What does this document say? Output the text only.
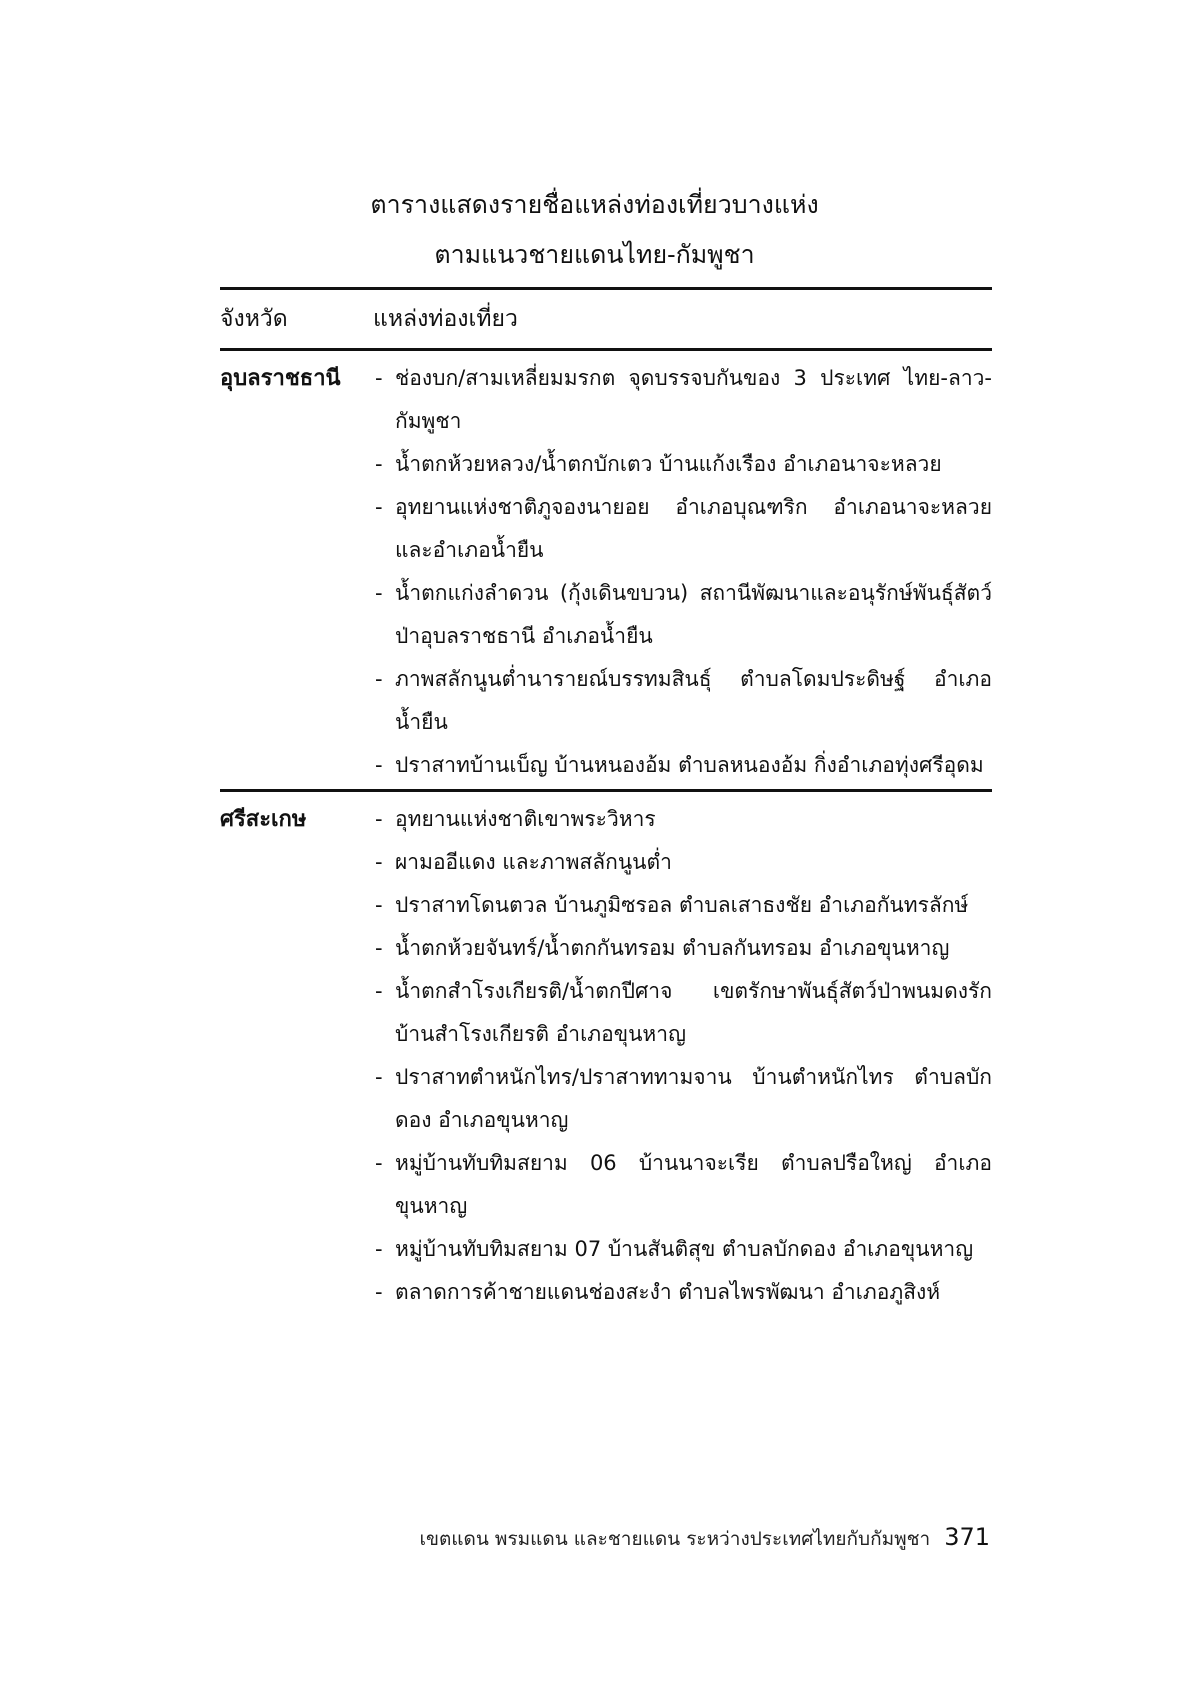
ตารางแสดงรายชื่อแหล่งท่องเที่ยวบางแห่ง
ตามแนวชายแดนไทย-กัมพูชา
จังหวัด	แหล่งท่องเที่ยว
อุบลราชธานี	- ช่องบก/สามเหลี่ยมมรกต จุดบรรจบกันของ 3 ประเทศ ไทย-ลาว-กัมพูชา
- น้ำตกห้วยหลวง/น้ำตกบักเตว บ้านแก้งเรือง อำเภอนาจะหลวย
- อุทยานแห่งชาติภูจองนายอย อำเภอบุณฑริก อำเภอนาจะหลวย และอำเภอน้ำยืน
- น้ำตกแก่งลำดวน (กุ้งเดินขบวน) สถานีพัฒนาและอนุรักษ์พันธุ์สัตว์ป่าอุบลราชธานี อำเภอน้ำยืน
- ภาพสลักนูนต่ำนารายณ์บรรทมสินธุ์ ตำบลโดมประดิษฐ์ อำเภอน้ำยืน
- ปราสาทบ้านเบ็ญ บ้านหนองอ้ม ตำบลหนองอ้ม กิ่งอำเภอทุ่งศรีอุดม
ศรีสะเกษ	- อุทยานแห่งชาติเขาพระวิหาร
- ผามออีแดง และภาพสลักนูนต่ำ
- ปราสาทโดนตวล บ้านภูมิซรอล ตำบลเสาธงชัย อำเภอกันทรลักษ์
- น้ำตกห้วยจันทร์/น้ำตกกันทรอม ตำบลกันทรอม อำเภอขุนหาญ
- น้ำตกสำโรงเกียรติ/น้ำตกปีศาจ เขตรักษาพันธุ์สัตว์ป่าพนมดงรัก บ้านสำโรงเกียรติ อำเภอขุนหาญ
- ปราสาทตำหนักไทร/ปราสาททามจาน บ้านตำหนักไทร ตำบลบักดอง อำเภอขุนหาญ
- หมู่บ้านทับทิมสยาม 06 บ้านนาจะเรีย ตำบลปรือใหญ่ อำเภอขุนหาญ
- หมู่บ้านทับทิมสยาม 07 บ้านสันติสุข ตำบลบักดอง อำเภอขุนหาญ
- ตลาดการค้าชายแดนช่องสะงำ ตำบลไพรพัฒนา อำเภอภูสิงห์
เขตแดน พรมแดน และชายแดน ระหว่างประเทศไทยกับกัมพูชา 371
